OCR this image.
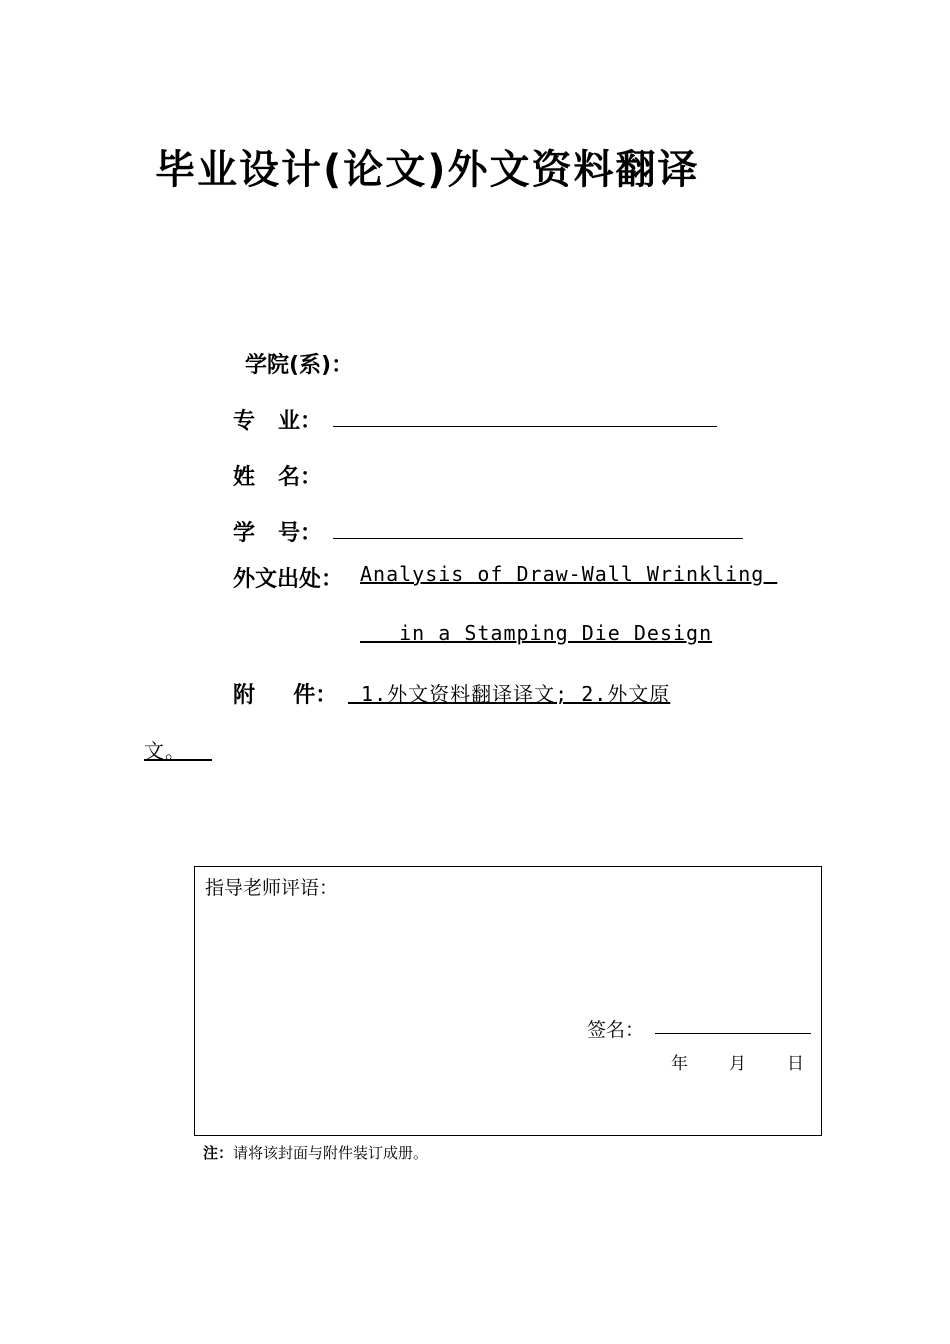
毕业设计(论文)外文资料翻译
学院(系)：
专   业：
姓   名：
学   号：
外文出处： Analysis of Draw-Wall Wrinkling
in a Stamping Die Design
附     件： 1.外文资料翻译译文; 2.外文原
文。
指导老师评语：
签名：
年 月 日
注：请将该封面与附件装订成册。
